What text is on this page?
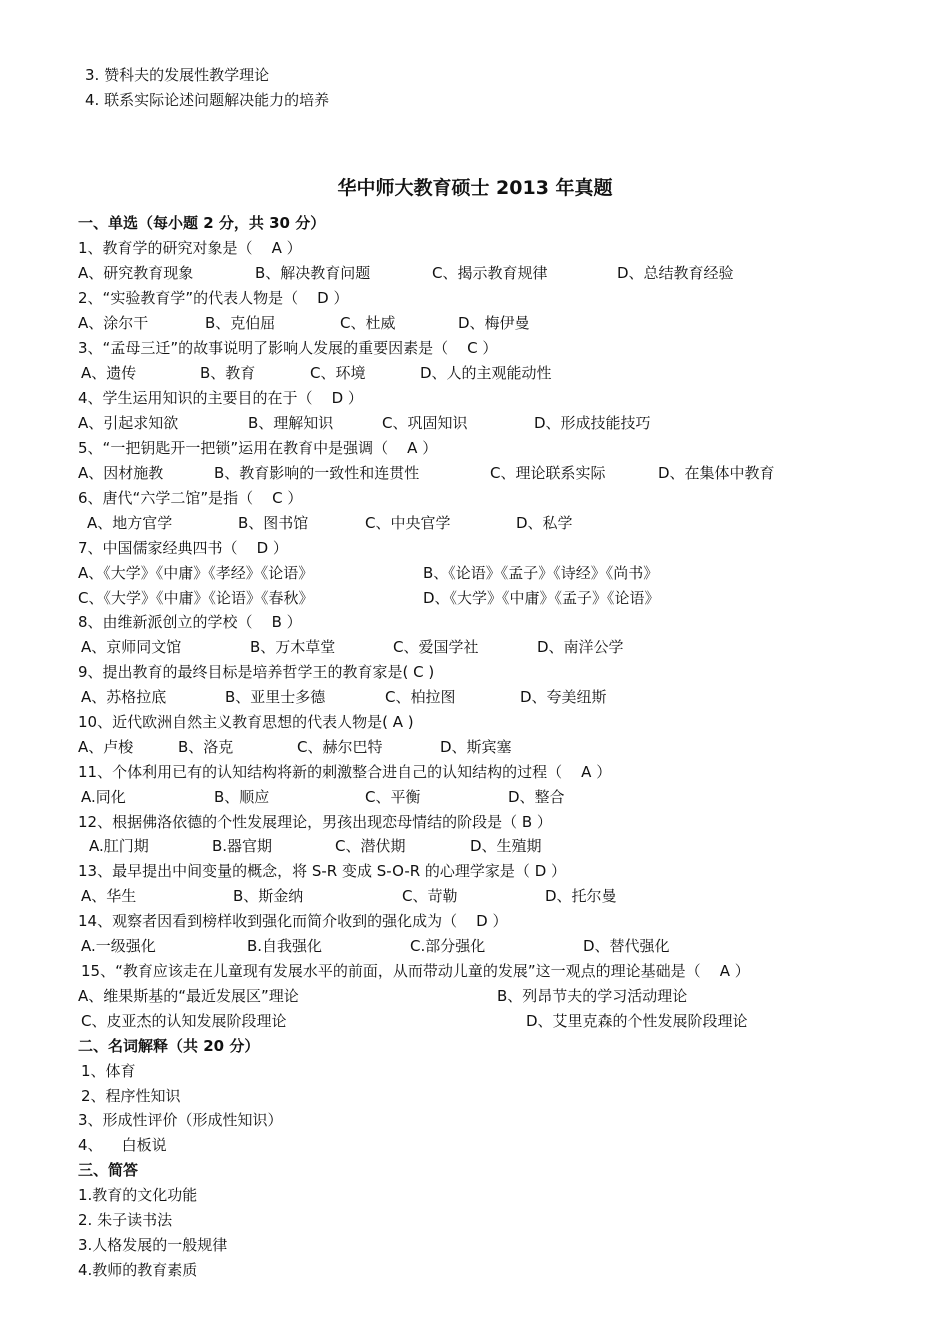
3. 赞科夫的发展性教学理论
4. 联系实际论述问题解决能力的培养
华中师大教育硕士 2013 年真题
一、单选（每小题 2 分，共 30 分）
1、教育学的研究对象是（    A ）
A、研究教育现象	B、解决教育问题	C、揭示教育规律	D、总结教育经验
2、“实验教育学”的代表人物是（    D ）
A、涂尔干	B、克伯屈	C、杜威	D、梅伊曼
3、“孟母三迁”的故事说明了影响人发展的重要因素是（    C ）
A、遗传	B、教育	C、环境	D、人的主观能动性
4、学生运用知识的主要目的在于（    D ）
A、引起求知欲	B、理解知识	C、巩固知识	D、形成技能技巧
5、“一把钥匙开一把锁”运用在教育中是强调（    A ）
A、因材施教	B、教育影响的一致性和连贯性	C、理论联系实际	D、在集体中教育
6、唐代“六学二馆”是指（    C ）
A、地方官学	B、图书馆	C、中央官学	D、私学
7、中国儒家经典四书（    D ）
A、《大学》《中庸》《孝经》《论语》	B、《论语》《孟子》《诗经》《尚书》
C、《大学》《中庸》《论语》《春秋》	D、《大学》《中庸》《孟子》《论语》
8、由维新派创立的学校（    B ）
A、京师同文馆	B、万木草堂	C、爱国学社	D、南洋公学
9、提出教育的最终目标是培养哲学王的教育家是( C )
A、苏格拉底	B、亚里士多德	C、柏拉图	D、夸美纽斯
10、近代欧洲自然主义教育思想的代表人物是( A )
A、卢梭	B、洛克	C、赫尔巴特	D、斯宾塞
11、个体利用已有的认知结构将新的刺激整合进自己的认知结构的过程（    A ）
A.同化	B、顺应	C、平衡	D、整合
12、根据佛洛依德的个性发展理论，男孩出现恋母情结的阶段是（ B ）
A.肛门期	B.器官期	C、潜伏期	D、生殖期
13、最早提出中间变量的概念，将 S-R 变成 S-O-R 的心理学家是（ D ）
A、华生	B、斯金纳	C、苛勒	D、托尔曼
14、观察者因看到榜样收到强化而简介收到的强化成为（    D ）
A.一级强化	B.自我强化	C.部分强化	D、替代强化
15、“教育应该走在儿童现有发展水平的前面，从而带动儿童的发展”这一观点的理论基础是（    A ）
A、维果斯基的“最近发展区”理论	B、列昂节夫的学习活动理论
C、皮亚杰的认知发展阶段理论	D、艾里克森的个性发展阶段理论
二、名词解释（共 20 分）
1、体育
2、程序性知识
3、形成性评价（形成性知识）
4、    白板说
三、简答
1.教育的文化功能
2. 朱子读书法
3.人格发展的一般规律
4.教师的教育素质
